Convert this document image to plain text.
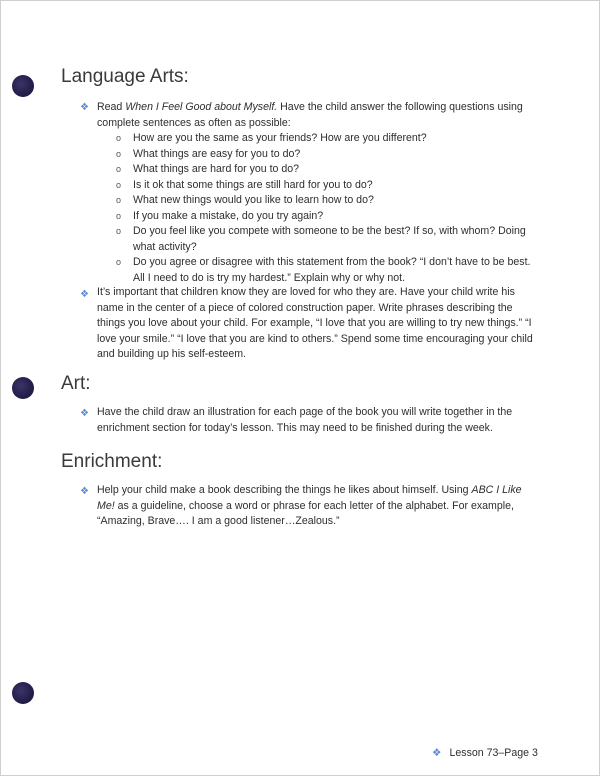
Language Arts:
❖ Read When I Feel Good about Myself. Have the child answer the following questions using complete sentences as often as possible:
o How are you the same as your friends? How are you different?
o What things are easy for you to do?
o What things are hard for you to do?
o Is it ok that some things are still hard for you to do?
o What new things would you like to learn how to do?
o If you make a mistake, do you try again?
o Do you feel like you compete with someone to be the best? If so, with whom? Doing what activity?
o Do you agree or disagree with this statement from the book? “I don’t have to be best. All I need to do is try my hardest.” Explain why or why not.
❖ It’s important that children know they are loved for who they are. Have your child write his name in the center of a piece of colored construction paper. Write phrases describing the things you love about your child. For example, “I love that you are willing to try new things.” “I love your smile.” “I love that you are kind to others.” Spend some time encouraging your child and building up his self-esteem.
Art:
❖ Have the child draw an illustration for each page of the book you will write together in the enrichment section for today’s lesson. This may need to be finished during the week.
Enrichment:
❖ Help your child make a book describing the things he likes about himself. Using ABC I Like Me! as a guideline, choose a word or phrase for each letter of the alphabet. For example, “Amazing, Brave…. I am a good listener…Zealous.”
❖ Lesson 73–Page 3
